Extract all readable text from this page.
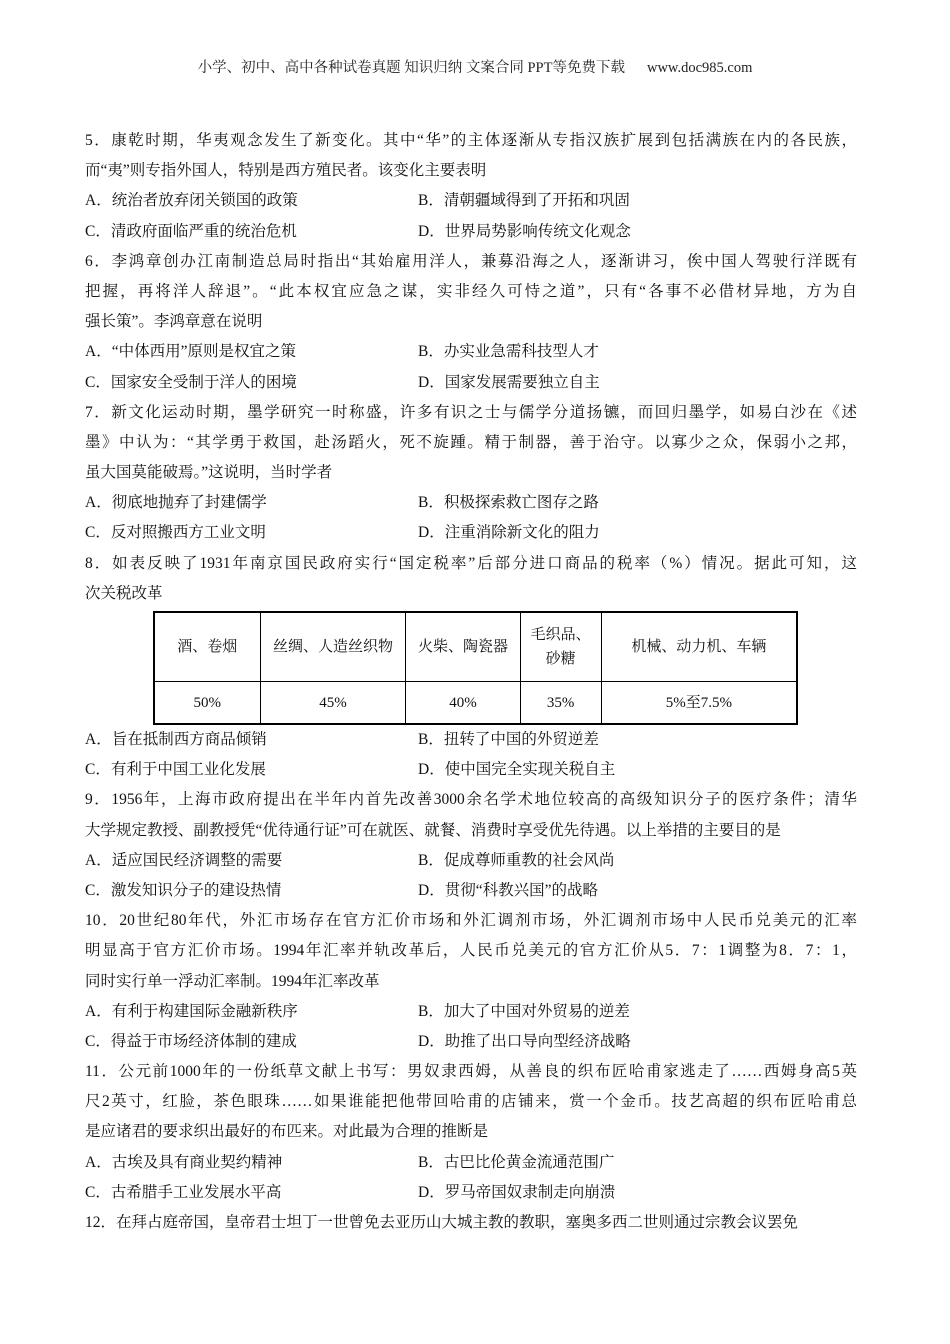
小学、初中、高中各种试卷真题 知识归纳 文案合同 PPT等免费下载 www.doc985.com
5．康乾时期，华夷观念发生了新变化。其中“华”的主体逐渐从专指汉族扩展到包括满族在内的各民族，
而“夷”则专指外国人，特别是西方殖民者。该变化主要表明
A．统治者放弃闭关锁国的政策	B．清朝疆域得到了开拓和巩固
C．清政府面临严重的统治危机	D．世界局势影响传统文化观念
6．李鸿章创办江南制造总局时指出“其始雇用洋人，兼募沿海之人，逐渐讲习，俟中国人驾驶行洋既有
把握，再将洋人辞退”。“此本权宜应急之谋，实非经久可恃之道”，只有“各事不必借材异地，方为自
强长策”。李鸿章意在说明
A．“中体西用”原则是权宜之策	B．办实业急需科技型人才
C．国家安全受制于洋人的困境	D．国家发展需要独立自主
7．新文化运动时期，墨学研究一时称盛，许多有识之士与儒学分道扬镳，而回归墨学，如易白沙在《述
墨》中认为：“其学勇于救国，赴汤蹈火，死不旋踵。精于制器，善于治守。以寡少之众，保弱小之邦，
虽大国莫能破焉。”这说明，当时学者
A．彻底地抛弃了封建儒学	B．积极探索救亡图存之路
C．反对照搬西方工业文明	D．注重消除新文化的阻力
8．如表反映了1931年南京国民政府实行“国定税率”后部分进口商品的税率（%）情况。据此可知，这
次关税改革
酒、卷烟	丝绸、人造丝织物	火柴、陶瓷器	毛织品、砂糖	机械、动力机、车辆
50%	45%	40%	35%	5%至7.5%
A．旨在抵制西方商品倾销	B．扭转了中国的外贸逆差
C．有利于中国工业化发展	D．使中国完全实现关税自主
9．1956年，上海市政府提出在半年内首先改善3000余名学术地位较高的高级知识分子的医疗条件；清华
大学规定教授、副教授凭“优待通行证”可在就医、就餐、消费时享受优先待遇。以上举措的主要目的是
A．适应国民经济调整的需要	B．促成尊师重教的社会风尚
C．激发知识分子的建设热情	D．贯彻“科教兴国”的战略
10．20世纪80年代，外汇市场存在官方汇价市场和外汇调剂市场，外汇调剂市场中人民币兑美元的汇率
明显高于官方汇价市场。1994年汇率并轨改革后，人民币兑美元的官方汇价从5．7：1调整为8．7：1，
同时实行单一浮动汇率制。1994年汇率改革
A．有利于构建国际金融新秩序	B．加大了中国对外贸易的逆差
C．得益于市场经济体制的建成	D．助推了出口导向型经济战略
11．公元前1000年的一份纸草文献上书写：男奴隶西姆，从善良的织布匠哈甫家逃走了……西姆身高5英
尺2英寸，红脸，茶色眼珠……如果谁能把他带回哈甫的店铺来，赏一个金币。技艺高超的织布匠哈甫总
是应诸君的要求织出最好的布匹来。对此最为合理的推断是
A．古埃及具有商业契约精神	B．古巴比伦黄金流通范围广
C．古希腊手工业发展水平高	D．罗马帝国奴隶制走向崩溃
12．在拜占庭帝国，皇帝君士坦丁一世曾免去亚历山大城主教的教职，塞奥多西二世则通过宗教会议罢免
